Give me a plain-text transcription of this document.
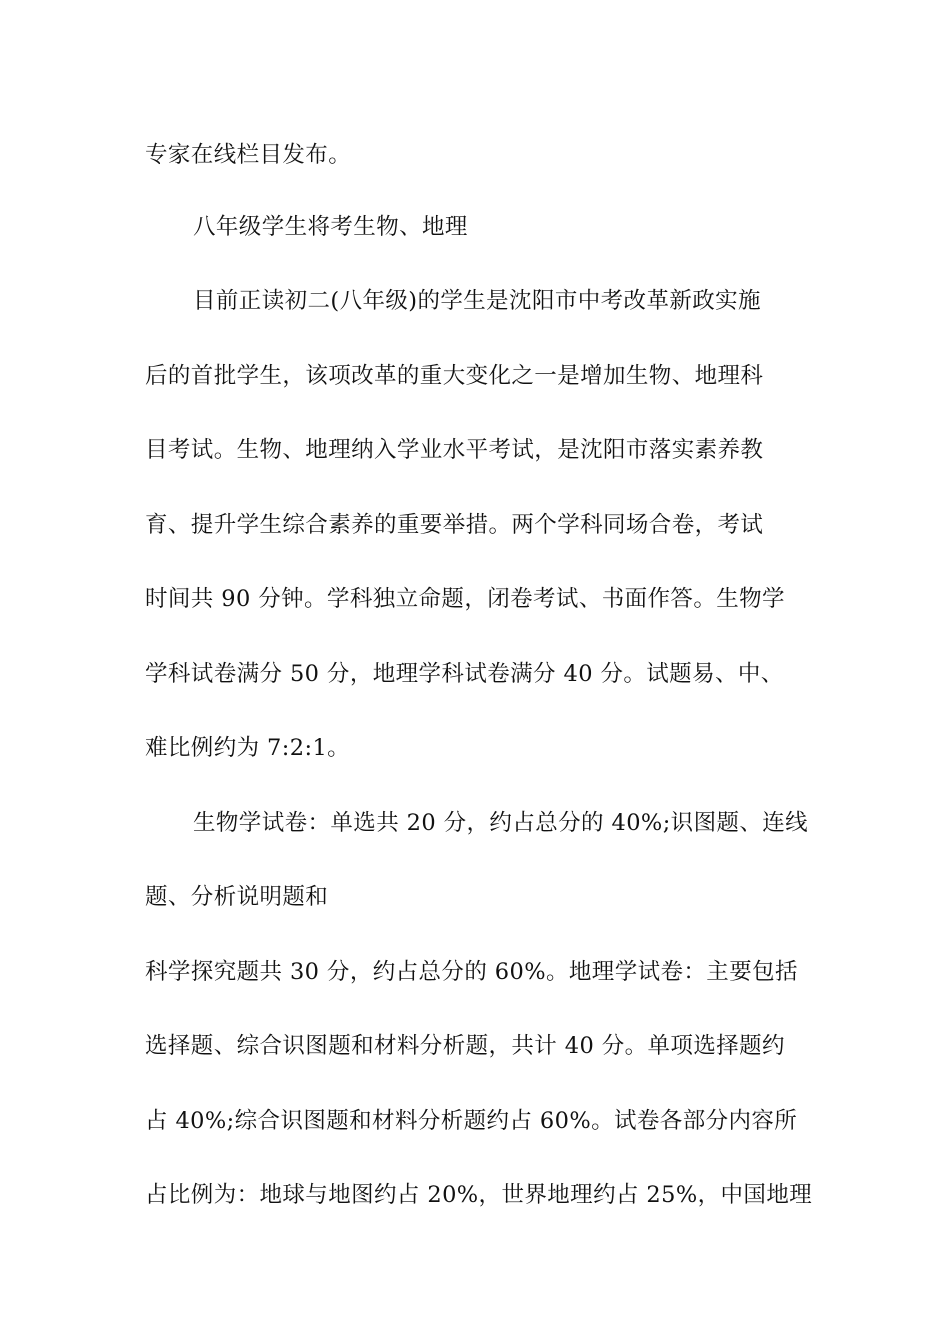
专家在线栏目发布。
八年级学生将考生物、地理
目前正读初二(八年级)的学生是沈阳市中考改革新政实施
后的首批学生，该项改革的重大变化之一是增加生物、地理科
目考试。生物、地理纳入学业水平考试，是沈阳市落实素养教
育、提升学生综合素养的重要举措。两个学科同场合卷，考试
时间共 90 分钟。学科独立命题，闭卷考试、书面作答。生物学
学科试卷满分 50 分，地理学科试卷满分 40 分。试题易、中、
难比例约为 7:2:1。
生物学试卷：单选共 20 分，约占总分的 40%;识图题、连线
题、分析说明题和
科学探究题共 30 分，约占总分的 60%。地理学试卷：主要包括
选择题、综合识图题和材料分析题，共计 40 分。单项选择题约
占 40%;综合识图题和材料分析题约占 60%。试卷各部分内容所
占比例为：地球与地图约占 20%，世界地理约占 25%，中国地理
